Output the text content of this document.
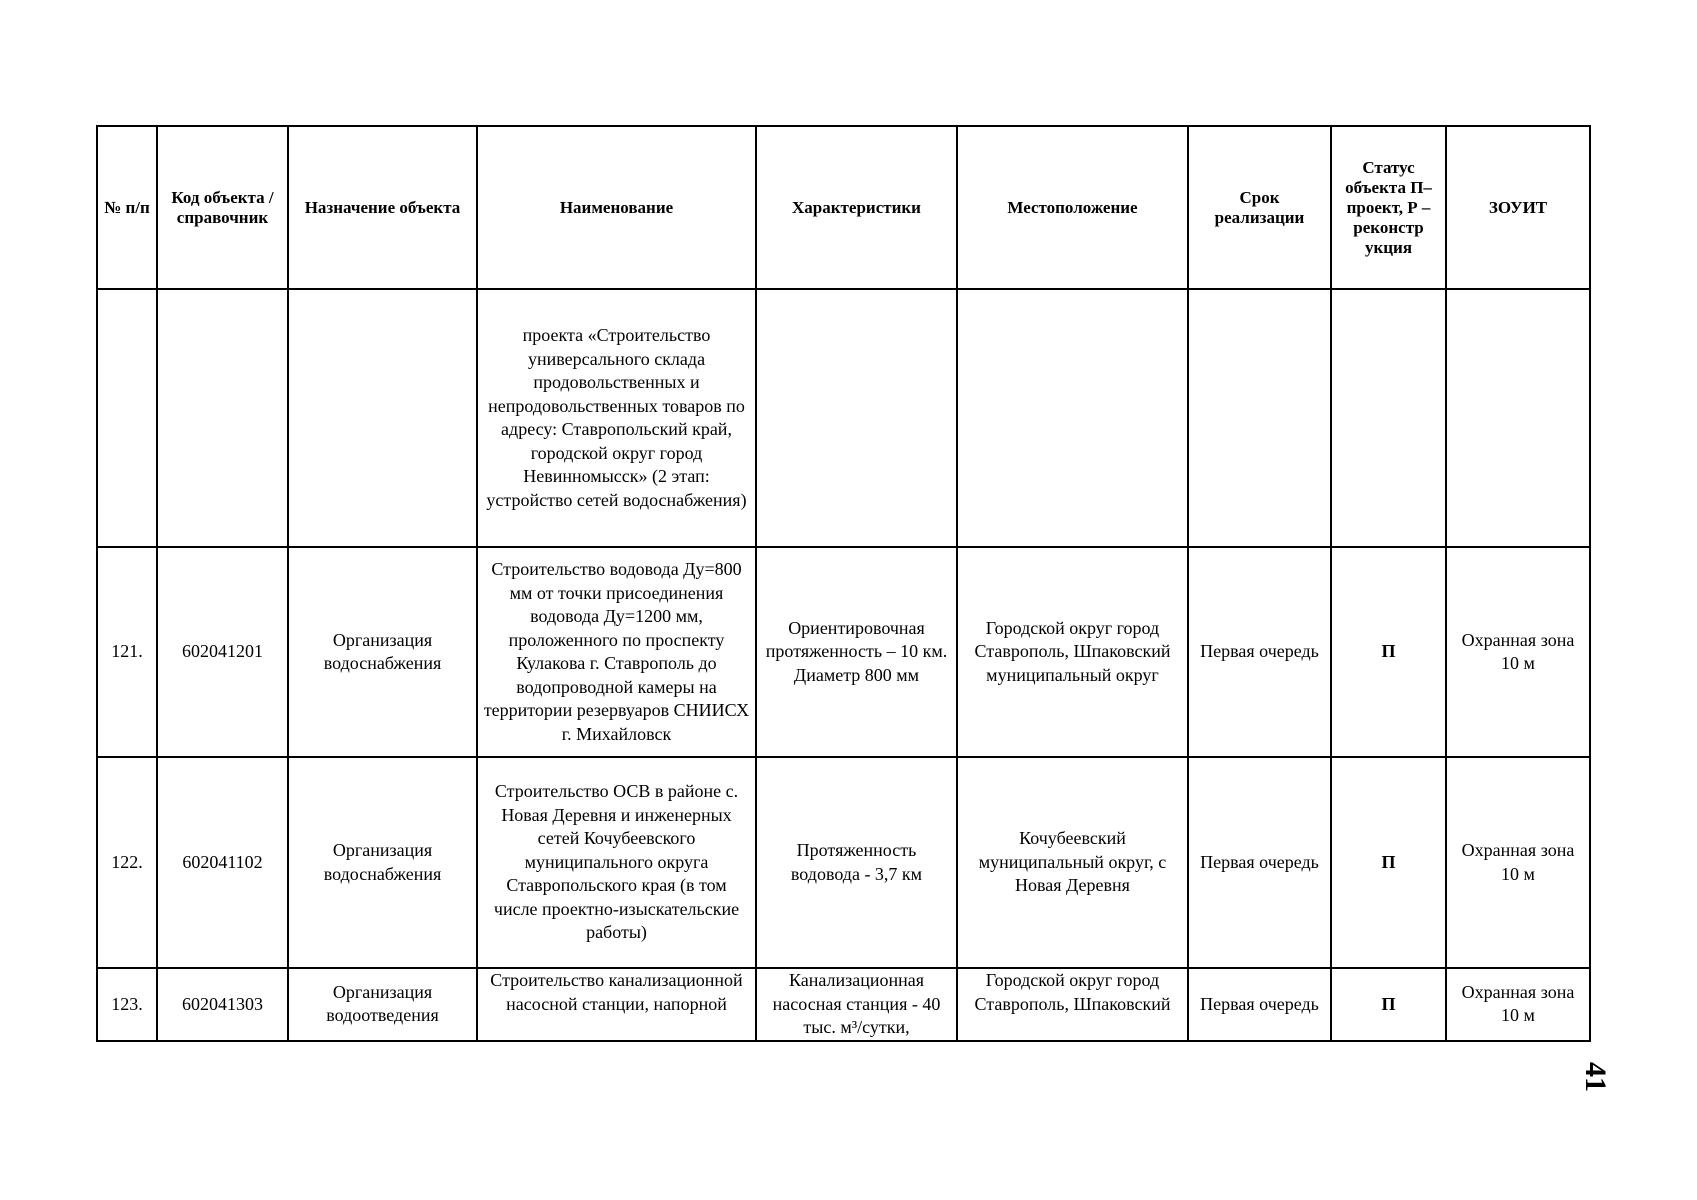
№ п/п	Код объекта / справочник	Назначение объекта	Наименование	Характеристики	Местоположение	Срок реализации	Статус объекта П– проект, Р – реконстр укция	ЗОУИТ
			проекта «Строительство универсального склада продовольственных и непродовольственных товаров по адресу: Ставропольский край, городской округ город Невинномысск» (2 этап: устройство сетей водоснабжения)					
121.	602041201	Организация водоснабжения	Строительство водовода Ду=800 мм от точки присоединения водовода Ду=1200 мм, проложенного по проспекту Кулакова г. Ставрополь до водопроводной камеры на территории резервуаров СНИИСХ г. Михайловск	Ориентировочная протяженность – 10 км. Диаметр 800 мм	Городской округ город Ставрополь, Шпаковский муниципальный округ	Первая очередь	П	Охранная зона 10 м
122.	602041102	Организация водоснабжения	Строительство ОСВ в районе с. Новая Деревня и инженерных сетей Кочубеевского муниципального округа Ставропольского края (в том числе проектно-изыскательские работы)	Протяженность водовода - 3,7 км	Кочубеевский муниципальный округ, с Новая Деревня	Первая очередь	П	Охранная зона 10 м
123.	602041303	Организация водоотведения	Строительство канализационной насосной станции, напорной	Канализационная насосная станция - 40 тыс. м³/сутки,	Городской округ город Ставрополь, Шпаковский	Первая очередь	П	Охранная зона 10 м
41
